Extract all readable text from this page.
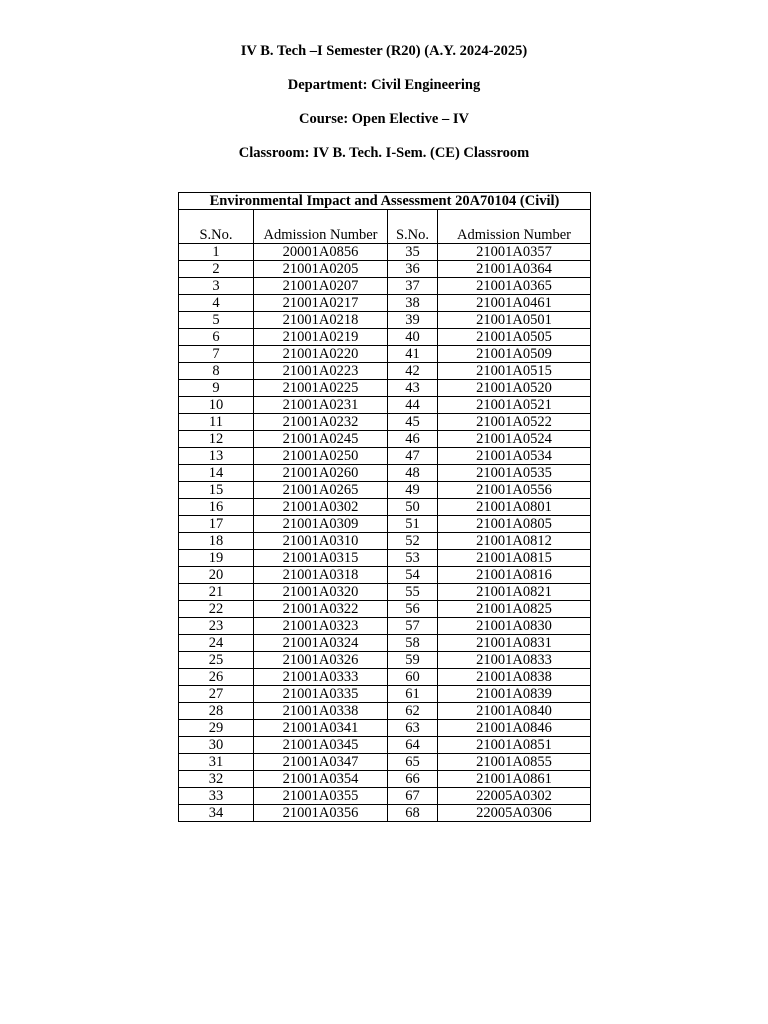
IV B. Tech –I Semester (R20) (A.Y. 2024-2025)
Department: Civil Engineering
Course: Open Elective – IV
Classroom: IV B. Tech. I-Sem. (CE) Classroom
Environmental Impact and Assessment 20A70104 (Civil)			
S.No.	Admission Number	S.No.	Admission Number
1	20001A0856	35	21001A0357
2	21001A0205	36	21001A0364
3	21001A0207	37	21001A0365
4	21001A0217	38	21001A0461
5	21001A0218	39	21001A0501
6	21001A0219	40	21001A0505
7	21001A0220	41	21001A0509
8	21001A0223	42	21001A0515
9	21001A0225	43	21001A0520
10	21001A0231	44	21001A0521
11	21001A0232	45	21001A0522
12	21001A0245	46	21001A0524
13	21001A0250	47	21001A0534
14	21001A0260	48	21001A0535
15	21001A0265	49	21001A0556
16	21001A0302	50	21001A0801
17	21001A0309	51	21001A0805
18	21001A0310	52	21001A0812
19	21001A0315	53	21001A0815
20	21001A0318	54	21001A0816
21	21001A0320	55	21001A0821
22	21001A0322	56	21001A0825
23	21001A0323	57	21001A0830
24	21001A0324	58	21001A0831
25	21001A0326	59	21001A0833
26	21001A0333	60	21001A0838
27	21001A0335	61	21001A0839
28	21001A0338	62	21001A0840
29	21001A0341	63	21001A0846
30	21001A0345	64	21001A0851
31	21001A0347	65	21001A0855
32	21001A0354	66	21001A0861
33	21001A0355	67	22005A0302
34	21001A0356	68	22005A0306
